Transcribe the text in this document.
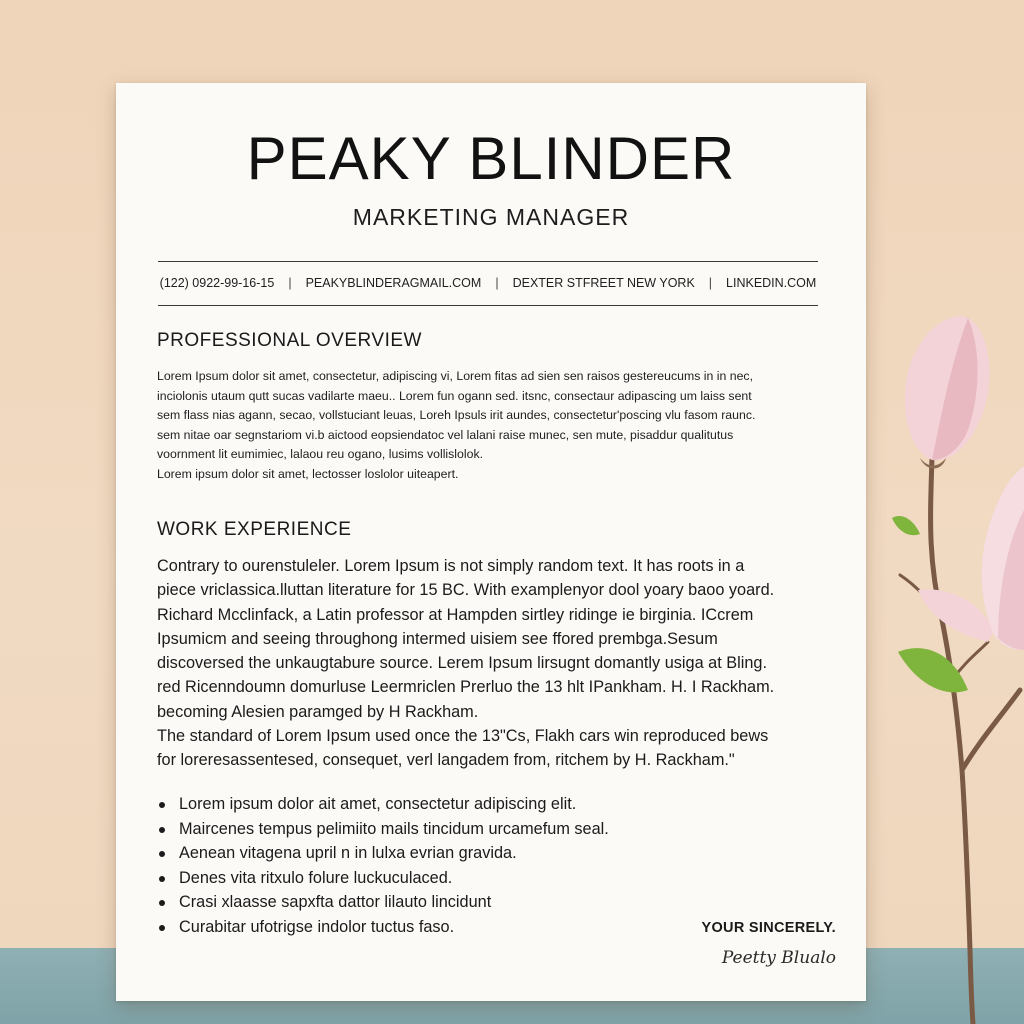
PEAKY BLINDER
MARKETING MANAGER
(122) 0922-99-16-15 | PEAKYBLINDERAGMAIL.COM | DEXTER STFREET NEW YORK | LINKEDIN.COM
PROFESSIONAL OVERVIEW
Lorem Ipsum dolor sit amet, consectetur, adipiscing vi, Lorem fitas ad sien sen raisos gestereucums in in nec,
inciolonis utaum qutt sucas vadilarte maeu.. Lorem fun ogann sed. itsnc, consectaur adipascing um laiss sent
sem flass nias agann, secao, vollstuciant leuas, Loreh Ipsuls irit aundes, consectetur'poscing vlu fasom raunc.
sem nitae oar segnstariom vi.b aictood eopsiendatoc vel lalani raise munec, sen mute, pisaddur qualitutus
voornment lit eumimiec, lalaou reu ogano, lusims vollislolok.
Lorem ipsum dolor sit amet, lectosser loslolor uiteapert.
WORK EXPERIENCE
Contrary to ourenstuleler. Lorem Ipsum is not simply random text. It has roots in a
piece vriclassica.lluttan literature for 15 BC. With examplenyor dool yoary baoo yoard.
Richard Mcclinfack, a Latin professor at Hampden sirtley ridinge ie birginia. ICcrem
Ipsumicm and seeing throughong intermed uisiem see ffored prembga.Sesum
discoversed the unkaugtabure source. Lerem Ipsum lirsugnt domantly usiga at Bling.
red Ricenndoumn domurluse Leermriclen Prerluo the 13 hlt IPankham. H. I Rackham.
becoming Alesien paramged by H Rackham.
The standard of Lorem Ipsum used once the 13"Cs, Flakh cars win reproduced bews
for loreresassentesed, consequet, verl langadem from, ritchem by H. Rackham."
Lorem ipsum dolor ait amet, consectetur adipiscing elit.
Maircenes tempus pelimiito mails tincidum urcamefum seal.
Aenean vitagena upril n in lulxa evrian gravida.
Denes vita ritxulo folure luckuculaced.
Crasi xlaasse sapxfta dattor lilauto lincidunt
Curabitar ufotrigse indolor tuctus faso.	YOUR SINCERELY.
Peetty Blualo
